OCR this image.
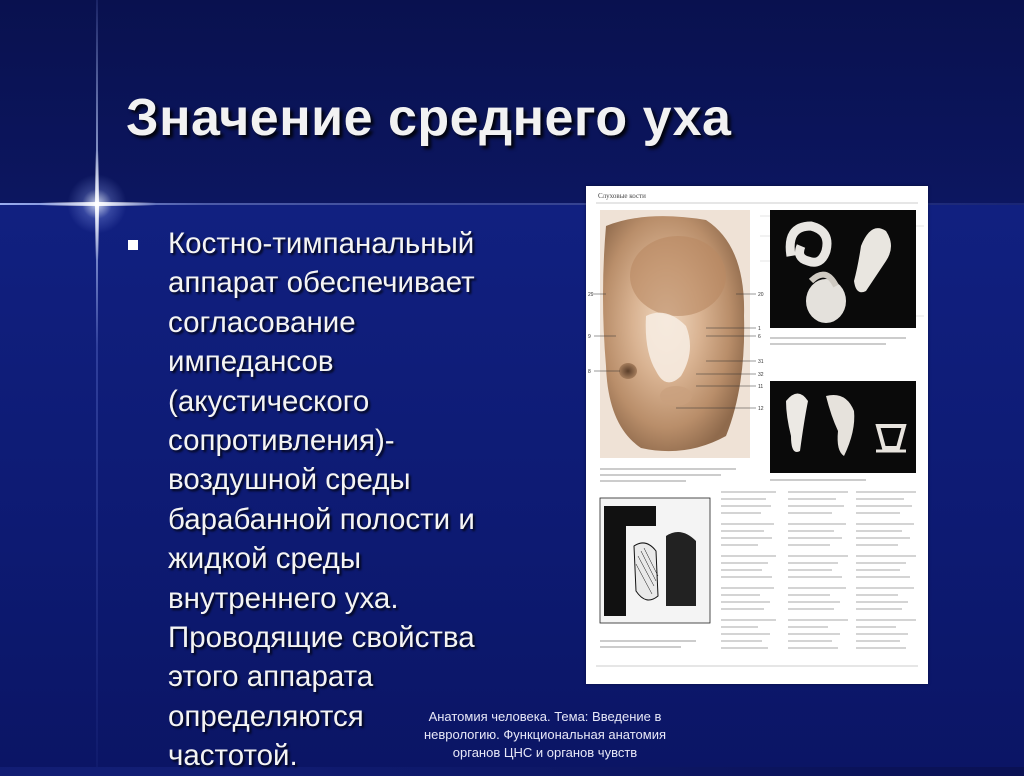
Значение среднего уха
Костно-тимпанальный
аппарат обеспечивает
согласование
импедансов
(акустического
сопротивления)-
воздушной среды
барабанной полости и
жидкой среды
внутреннего уха.
Проводящие свойства
этого аппарата
определяются
частотой.
Слуховые кости
20
1
6
31
32
11
12
29
9
8
Анатомия человека. Тема: Введение в
неврологию. Функциональная анатомия
органов ЦНС и органов чувств
